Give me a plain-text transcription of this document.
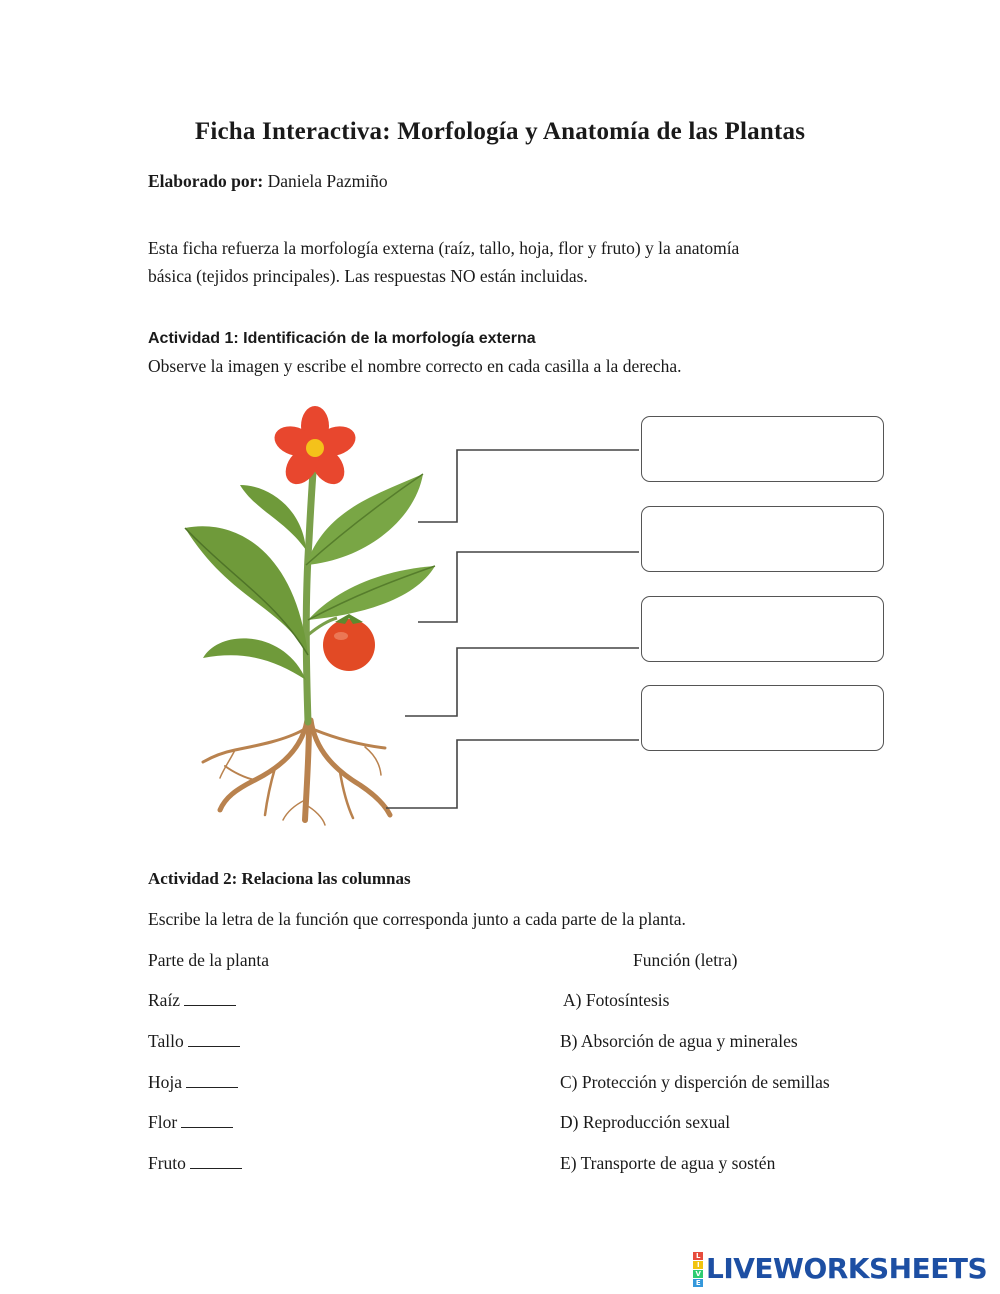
Ficha Interactiva: Morfología y Anatomía de las Plantas
Elaborado por: Daniela Pazmiño
Esta ficha refuerza la morfología externa (raíz, tallo, hoja, flor y fruto) y la anatomía
básica (tejidos principales). Las respuestas NO están incluidas.
Actividad 1: Identificación de la morfología externa
Observe la imagen y escribe el nombre correcto en cada casilla a la derecha.
Actividad 2: Relaciona las columnas
Escribe la letra de la función que corresponda junto a cada parte de la planta.
Parte de la planta	Función (letra)
Raíz
Tallo
Hoja
Flor
Fruto
A) Fotosíntesis
B) Absorción de agua y minerales
C) Protección y disperción de semillas
D) Reproducción sexual
E) Transporte de agua y sostén
L
I
V
E LIVEWORKSHEETS
